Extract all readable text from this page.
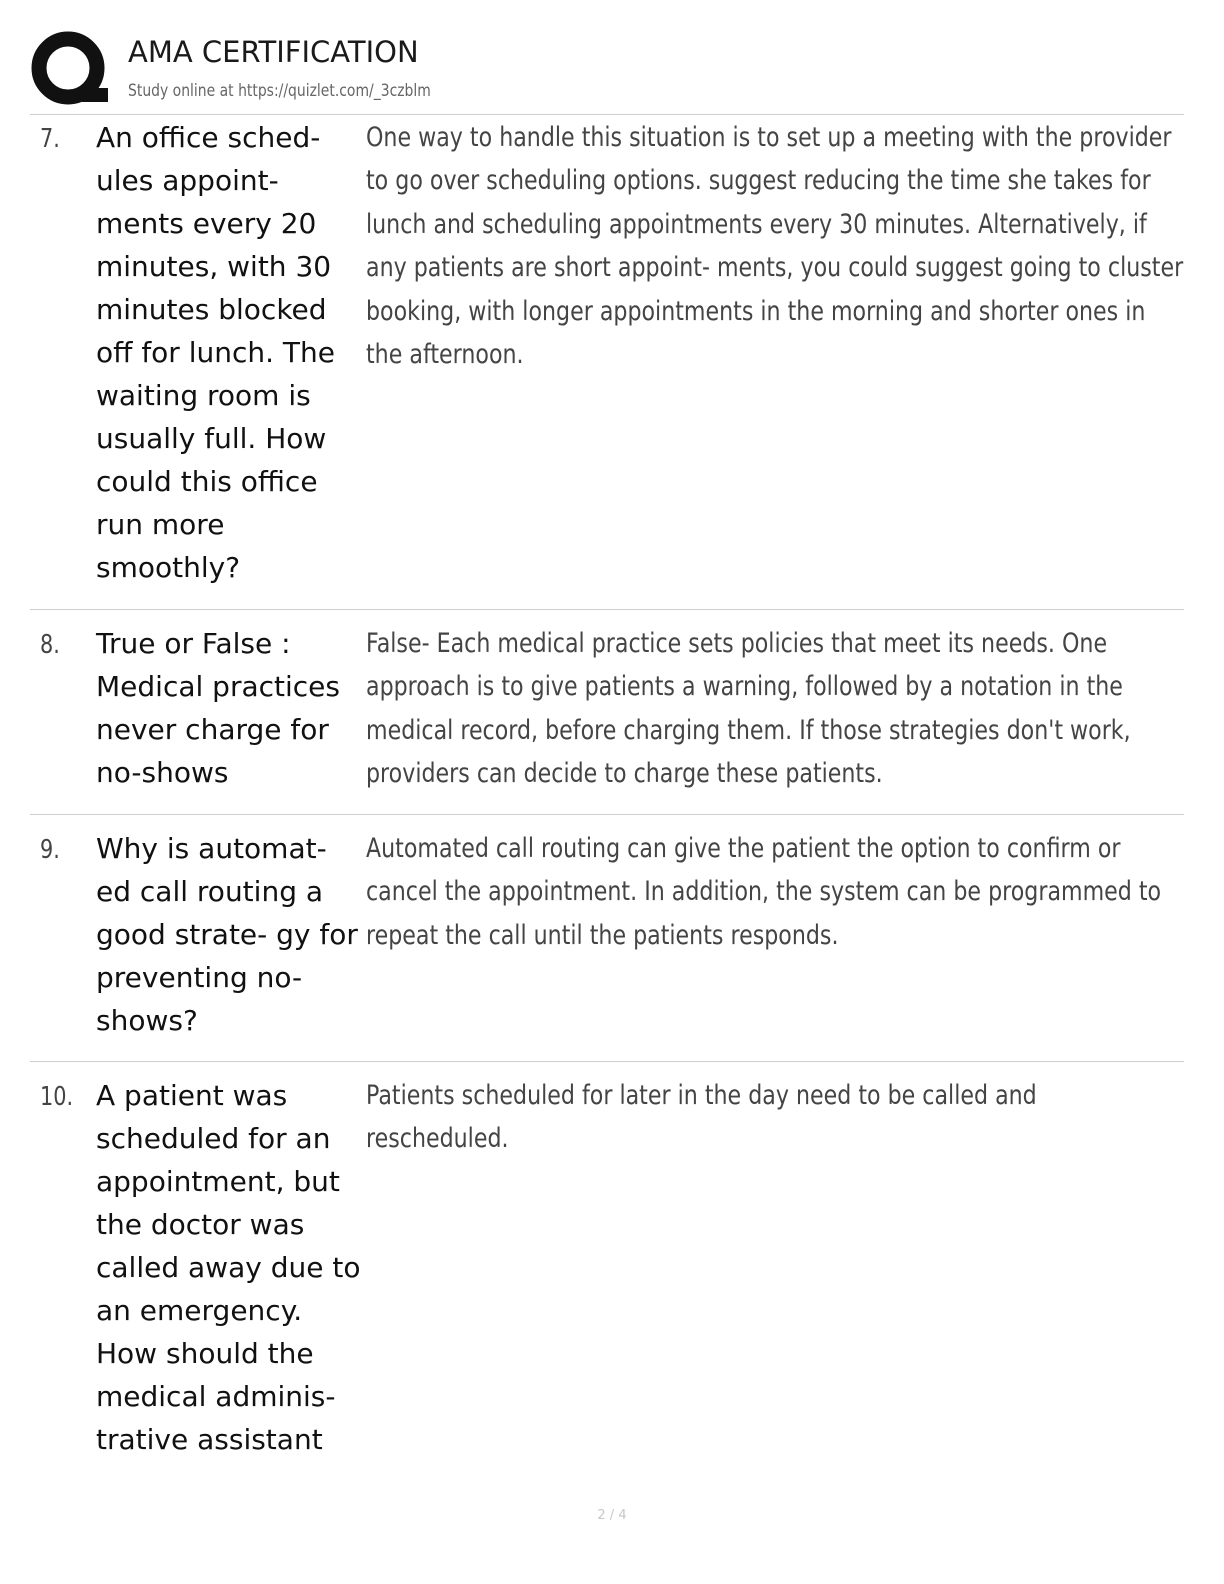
AMA CERTIFICATION
Study online at https://quizlet.com/_3czblm
7. An office sched- ules appoint- ments every 20 minutes, with 30 minutes blocked off for lunch. The waiting room is usually full. How could this office run more smoothly?

One way to handle this situation is to set up a meeting with the provider to go over scheduling options. suggest reducing the time she takes for lunch and scheduling appointments every 30 minutes. Alternatively, if any patients are short appoint- ments, you could suggest going to cluster booking, with longer appointments in the morning and shorter ones in the afternoon.

8. True or False : Medical practices never charge for no-shows

False- Each medical practice sets policies that meet its needs. One approach is to give patients a warning, followed by a notation in the medical record, before charging them. If those strategies don't work, providers can decide to charge these patients.

9. Why is automat- ed call routing a good strate- gy for preventing no-shows?

Automated call routing can give the patient the option to confirm or cancel the appointment. In addition, the system can be programmed to repeat the call until the patients responds.

10. A patient was scheduled for an appointment, but the doctor was called away due to an emergency. How should the medical adminis- trative assistant

Patients scheduled for later in the day need to be called and rescheduled.

2 / 4
